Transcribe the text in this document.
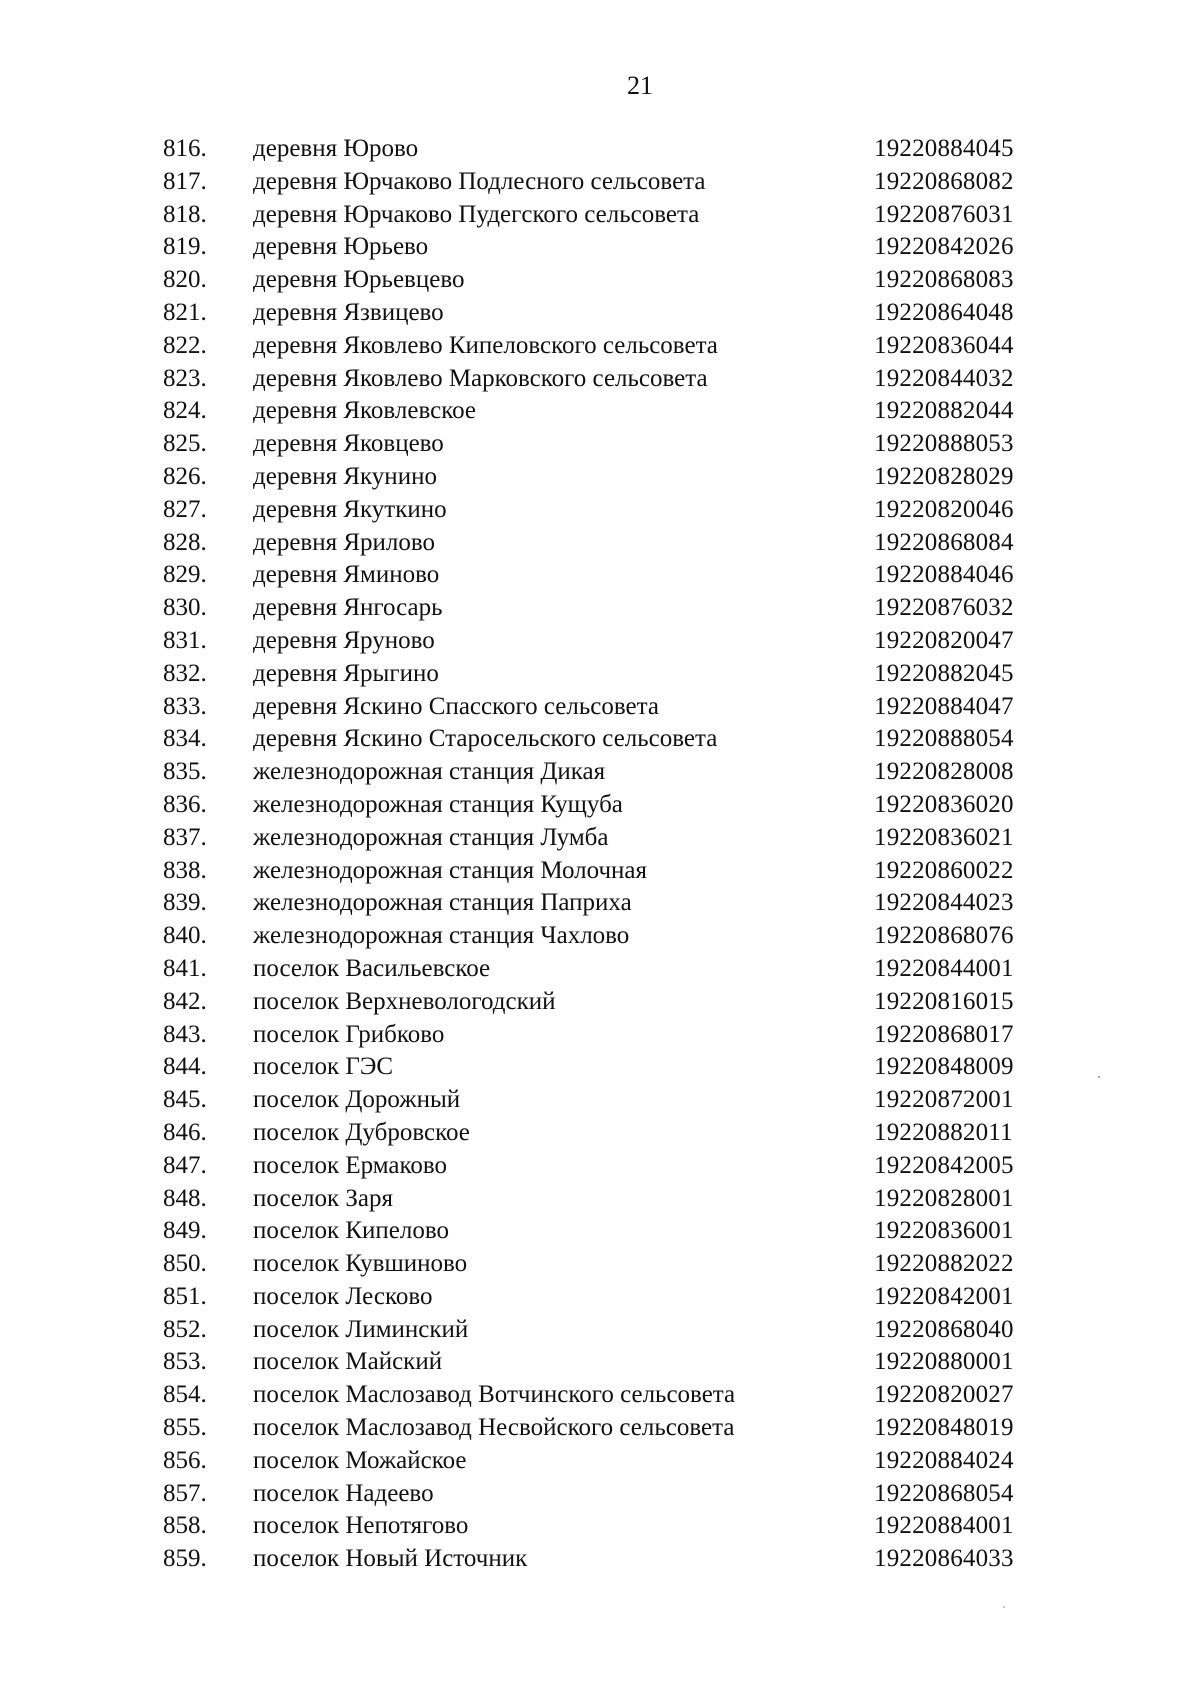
21
816. деревня Юрово	19220884045
817. деревня Юрчаково Подлесного сельсовета	19220868082
818. деревня Юрчаково Пудегского сельсовета	19220876031
819. деревня Юрьево	19220842026
820. деревня Юрьевцево	19220868083
821. деревня Язвицево	19220864048
822. деревня Яковлево Кипеловского сельсовета	19220836044
823. деревня Яковлево Марковского сельсовета	19220844032
824. деревня Яковлевское	19220882044
825. деревня Яковцево	19220888053
826. деревня Якунино	19220828029
827. деревня Якуткино	19220820046
828. деревня Ярилово	19220868084
829. деревня Яминово	19220884046
830. деревня Янгосарь	19220876032
831. деревня Яруново	19220820047
832. деревня Ярыгино	19220882045
833. деревня Яскино Спасского сельсовета	19220884047
834. деревня Яскино Старосельского сельсовета	19220888054
835. железнодорожная станция Дикая	19220828008
836. железнодорожная станция Кущуба	19220836020
837. железнодорожная станция Лумба	19220836021
838. железнодорожная станция Молочная	19220860022
839. железнодорожная станция Паприха	19220844023
840. железнодорожная станция Чахлово	19220868076
841. поселок Васильевское	19220844001
842. поселок Верхневологодский	19220816015
843. поселок Грибково	19220868017
844. поселок ГЭС	19220848009
845. поселок Дорожный	19220872001
846. поселок Дубровское	19220882011
847. поселок Ермаково	19220842005
848. поселок Заря	19220828001
849. поселок Кипелово	19220836001
850. поселок Кувшиново	19220882022
851. поселок Лесково	19220842001
852. поселок Лиминский	19220868040
853. поселок Майский	19220880001
854. поселок Маслозавод Вотчинского сельсовета	19220820027
855. поселок Маслозавод Несвойского сельсовета	19220848019
856. поселок Можайское	19220884024
857. поселок Надеево	19220868054
858. поселок Непотягово	19220884001
859. поселок Новый Источник	19220864033
